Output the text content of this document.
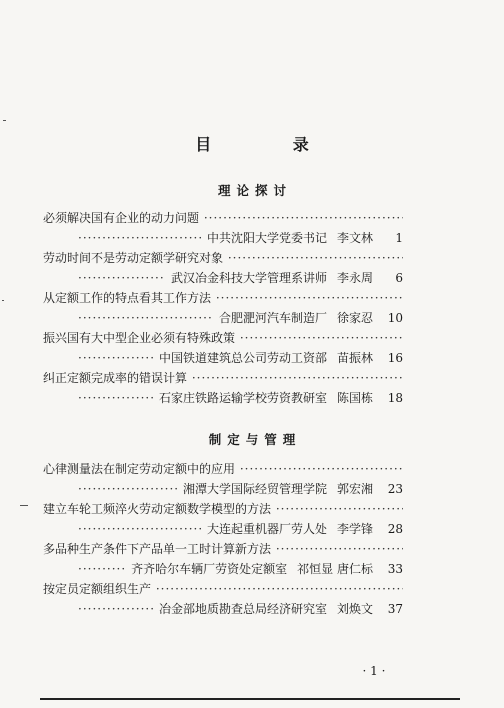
目 录
理论探讨
必须解决国有企业的动力问题 ·····
·····
中共沈阳大学党委书记 李文林	1
劳动时间不是劳动定额学研究对象 ·····
·····
武汉冶金科技大学管理系讲师 李永周	6
从定额工作的特点看其工作方法 ·····
·····
合肥淝河汽车制造厂 徐家忍	10
振兴国有大中型企业必须有特殊政策 ·····
·····
中国铁道建筑总公司劳动工资部 苗振林	16
纠正定额完成率的错误计算 ·····
·····
石家庄铁路运输学校劳资教研室 陈国栋	18
制定与管理
心律测量法在制定劳动定额中的应用 ·····
·····
湘潭大学国际经贸管理学院 郭宏湘	23
建立车轮工频淬火劳动定额数学模型的方法 ·····
·····
大连起重机器厂劳人处 李学锋	28
多品种生产条件下产品单一工时计算新方法 ·····
·····
齐齐哈尔车辆厂劳资处定额室 祁恒显 唐仁标	33
按定员定额组织生产 ·····
·····
冶金部地质勘查总局经济研究室 刘焕文	37
· 1 ·
